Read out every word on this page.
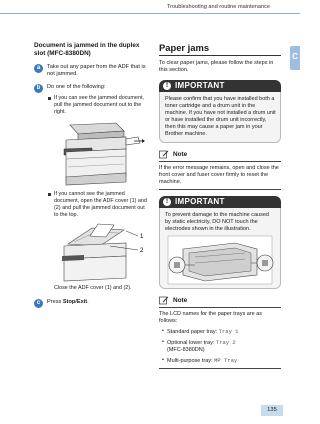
Troubleshooting and routine maintenance
C
135

Document is jammed in the duplex slot (MFC-8380DN)

a	Take out any paper from the ADF that is not jammed.
b	Do one of the following:
If you can see the jammed document, pull the jammed document out to the right.
If you cannot see the jammed document, open the ADF cover (1) and (2) and pull the jammed document out to the top.
1
2
Close the ADF cover (1) and (2).
c	Press Stop/Exit.

Paper jams

To clear paper jams, please follow the steps in this section.

! IMPORTANT
Please confirm that you have installed both a toner cartridge and a drum unit in the machine. If you have not installed a drum unit or have installed the drum unit incorrectly, then this may cause a paper jam in your Brother machine.
Note
If the error message remains, open and close the front cover and fuser cover firmly to reset the machine.
! IMPORTANT
To prevent damage to the machine caused by static electricity, DO NOT touch the electrodes shown in the illustration.
Note
The LCD names for the paper trays are as follows:
• Standard paper tray: Tray 1
• Optional lower tray: Tray 2
(MFC-8380DN)
• Multi-purpose tray: MP Tray
